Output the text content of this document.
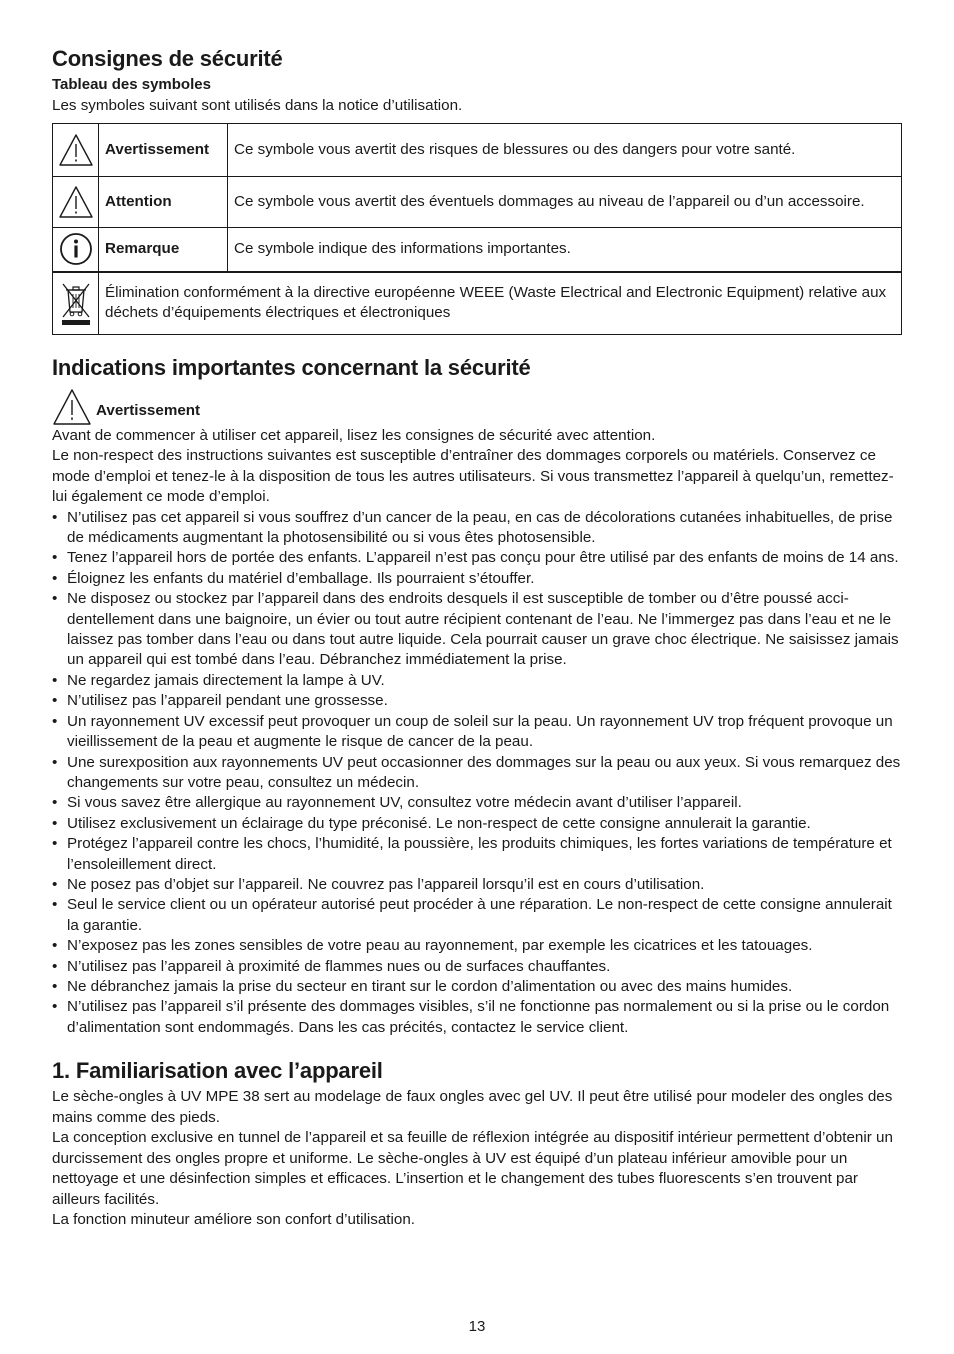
Consignes de sécurité
Tableau des symboles

Les symboles suivant sont utilisés dans la notice d’utilisation.

	Avertissement	Ce symbole vous avertit des risques de blessures ou des dangers pour votre santé.

	Attention	Ce symbole vous avertit des éventuels dommages au niveau de l’appareil ou d’un accessoire.

	Remarque	Ce symbole indique des informations importantes.

	Élimination conformément à la directive européenne WEEE (Waste Electrical and Electronic Equipment) relative aux déchets d’équipements électriques et électroniques	
Indications importantes concernant la sécurité
Avertissement

Avant de commencer à utiliser cet appareil, lisez les consignes de sécurité avec attention.
Le non-respect des instructions suivantes est susceptible d’entraîner des dommages corporels ou matériels. Conservez ce mode d’emploi et tenez-le à la disposition de tous les autres utilisateurs. Si vous transmettez l’appareil à quelqu’un, remettez-lui également ce mode d’emploi.

• N’utilisez pas cet appareil si vous souffrez d’un cancer de la peau, en cas de décolorations cutanées inhabituelles, de prise de médicaments augmentant la photosensibilité ou si vous êtes photosensible.
• Tenez l’appareil hors de portée des enfants. L’appareil n’est pas conçu pour être utilisé par des enfants de moins de 14 ans.
• Éloignez les enfants du matériel d’emballage. Ils pourraient s’étouffer.
• Ne disposez ou stockez par l’appareil dans des endroits desquels il est susceptible de tomber ou d’être poussé accidentellement dans une baignoire, un évier ou tout autre récipient contenant de l’eau. Ne l’immergez pas dans l’eau et ne le laissez pas tomber dans l’eau ou dans tout autre liquide. Cela pourrait causer un grave choc électrique. Ne saisissez jamais un appareil qui est tombé dans l’eau. Débranchez immédiatement la prise.
• Ne regardez jamais directement la lampe à UV.
• N’utilisez pas l’appareil pendant une grossesse.
• Un rayonnement UV excessif peut provoquer un coup de soleil sur la peau. Un rayonnement UV trop fréquent provoque un vieillissement de la peau et augmente le risque de cancer de la peau.
• Une surexposition aux rayonnements UV peut occasionner des dommages sur la peau ou aux yeux. Si vous remarquez des changements sur votre peau, consultez un médecin.
• Si vous savez être allergique au rayonnement UV, consultez votre médecin avant d’utiliser l’appareil.
• Utilisez exclusivement un éclairage du type préconisé. Le non-respect de cette consigne annulerait la garantie.
• Protégez l’appareil contre les chocs, l’humidité, la poussière, les produits chimiques, les fortes variations de température et l’ensoleillement direct.
• Ne posez pas d’objet sur l’appareil. Ne couvrez pas l’appareil lorsqu’il est en cours d’utilisation.
• Seul le service client ou un opérateur autorisé peut procéder à une réparation. Le non-respect de cette consigne annulerait la garantie.
• N’exposez pas les zones sensibles de votre peau au rayonnement, par exemple les cicatrices et les tatouages.
• N’utilisez pas l’appareil à proximité de flammes nues ou de surfaces chauffantes.
• Ne débranchez jamais la prise du secteur en tirant sur le cordon d’alimentation ou avec des mains humides.
• N’utilisez pas l’appareil s’il présente des dommages visibles, s’il ne fonctionne pas normalement ou si la prise ou le cordon d’alimentation sont endommagés. Dans les cas précités, contactez le service client.
1. Familiarisation avec l’appareil

Le sèche-ongles à UV MPE 38 sert au modelage de faux ongles avec gel UV. Il peut être utilisé pour modeler des ongles des mains comme des pieds.
La conception exclusive en tunnel de l’appareil et sa feuille de réflexion intégrée au dispositif intérieur permettent d’obtenir un durcissement des ongles propre et uniforme. Le sèche-ongles à UV est équipé d’un plateau inférieur amovible pour un nettoyage et une désinfection simples et efficaces. L’insertion et le changement des tubes fluorescents s’en trouvent par ailleurs facilités.
La fonction minuteur améliore son confort d’utilisation.

13
